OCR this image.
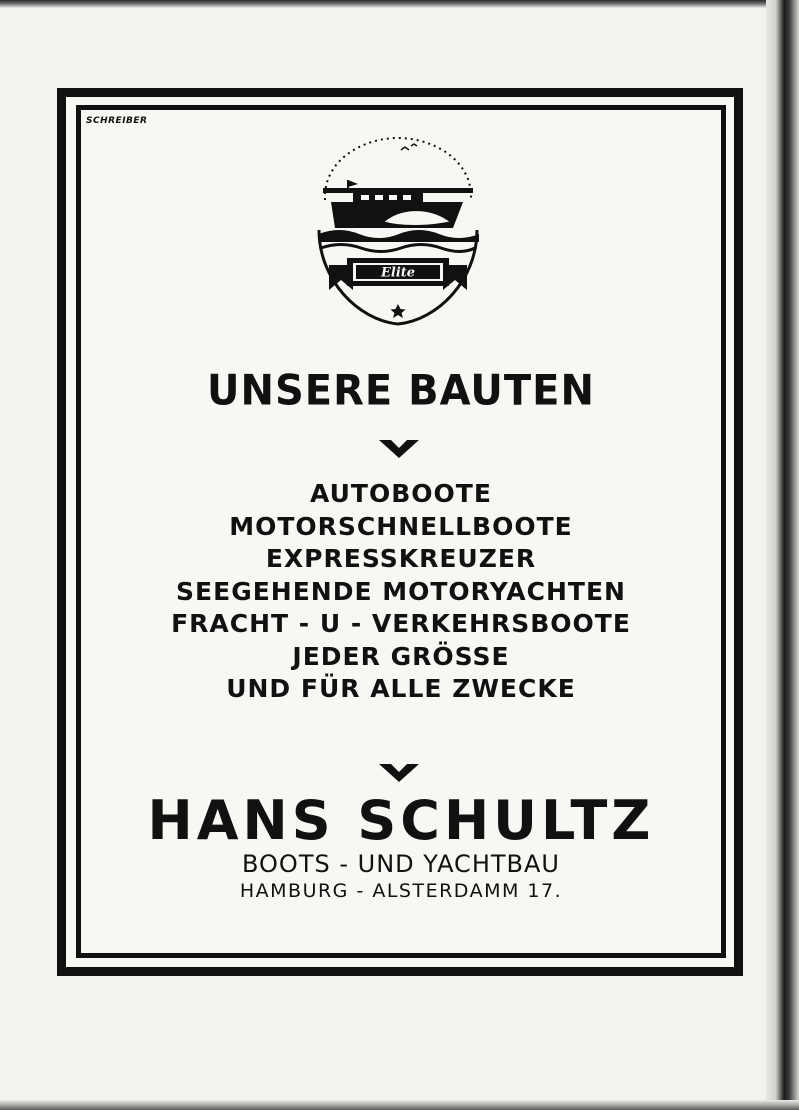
SCHREIBER
Elite
UNSERE BAUTEN
AUTOBOOTE
MOTORSCHNELLBOOTE
EXPRESSKREUZER
SEEGEHENDE MOTORYACHTEN
FRACHT - U - VERKEHRSBOOTE
JEDER GRÖSSE
UND FÜR ALLE ZWECKE
HANS SCHULTZ
BOOTS - UND YACHTBAU
HAMBURG - ALSTERDAMM 17.
